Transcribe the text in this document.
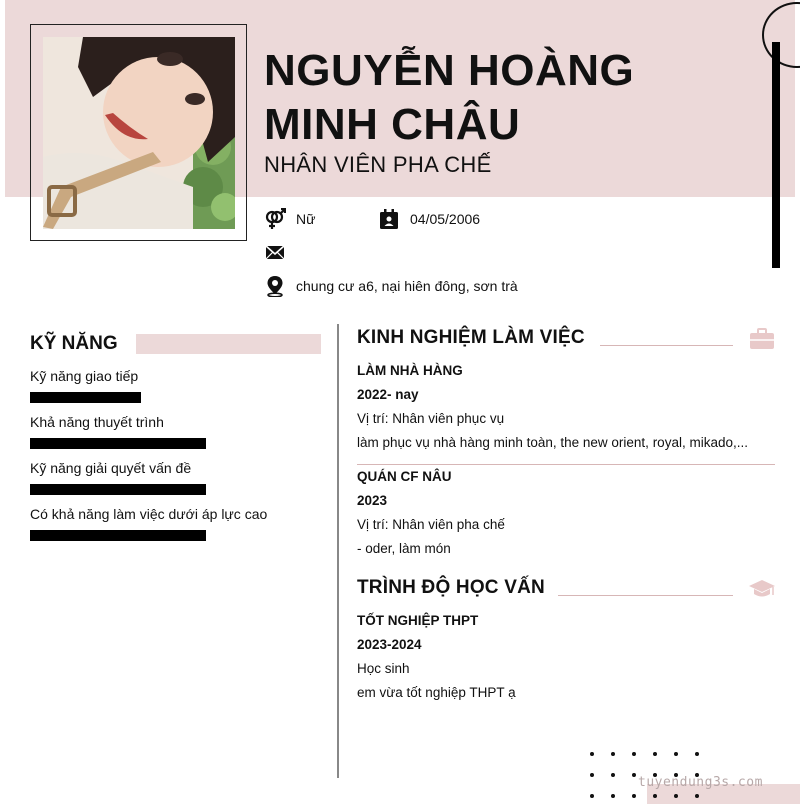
NGUYỄN HOÀNG MINH CHÂU
NHÂN VIÊN PHA CHẾ
Nữ	04/05/2006
chung cư a6, nại hiên đông, sơn trà
KỸ NĂNG
Kỹ năng giao tiếp
Khả năng thuyết trình
Kỹ năng giải quyết vấn đề
Có khả năng làm việc dưới áp lực cao
KINH NGHIỆM LÀM VIỆC
LÀM NHÀ HÀNG
2022- nay
Vị trí: Nhân viên phục vụ
làm phục vụ nhà hàng minh toàn, the new orient, royal, mikado,...
QUÁN CF NÂU
2023
Vị trí: Nhân viên pha chế
- oder, làm món
TRÌNH ĐỘ HỌC VẤN
TỐT NGHIỆP THPT
2023-2024
Học sinh
em vừa tốt nghiệp THPT ạ
tuyendung3s.com
